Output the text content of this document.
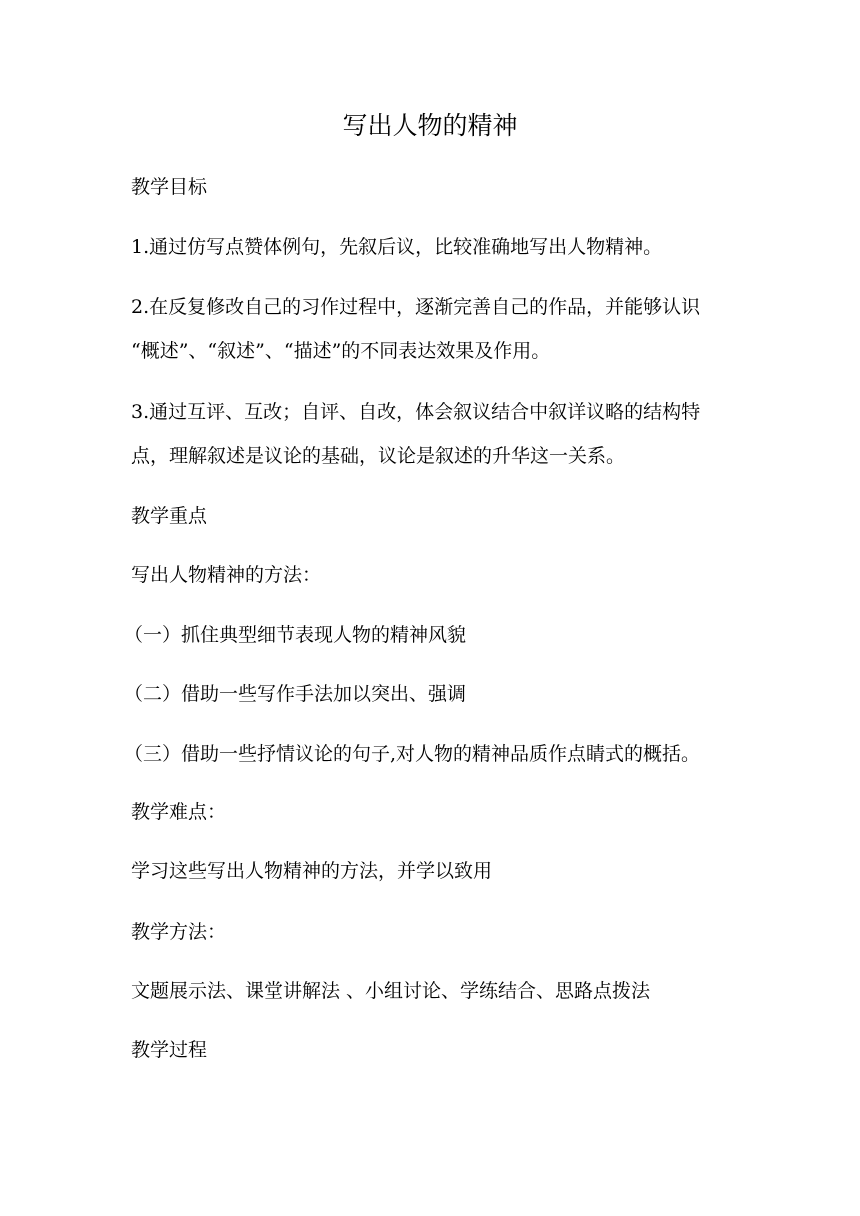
写出人物的精神
教学目标
1.通过仿写点赞体例句，先叙后议，比较准确地写出人物精神。
2.在反复修改自己的习作过程中，逐渐完善自己的作品，并能够认识
“概述”、“叙述”、“描述”的不同表达效果及作用。
3.通过互评、互改；自评、自改，体会叙议结合中叙详议略的结构特
点，理解叙述是议论的基础，议论是叙述的升华这一关系。
教学重点
写出人物精神的方法：
（一）抓住典型细节表现人物的精神风貌
（二）借助一些写作手法加以突出、强调
（三）借助一些抒情议论的句子,对人物的精神品质作点睛式的概括。
教学难点：
学习这些写出人物精神的方法，并学以致用
教学方法：
文题展示法、课堂讲解法 、小组讨论、学练结合、思路点拨法
教学过程
